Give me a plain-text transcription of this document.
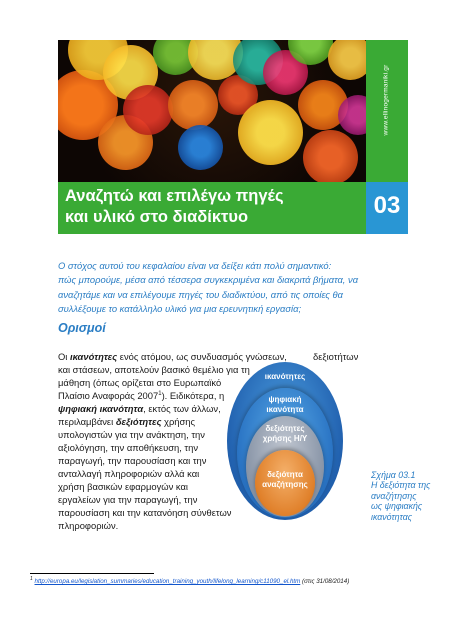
www.ellinogermaniki.gr
Αναζητώ και επιλέγω πηγές
και υλικό στο διαδίκτυο	03
Ο στόχος αυτού του κεφαλαίου είναι να δείξει κάτι πολύ σημαντικό:
πώς μπορούμε, μέσα από τέσσερα συγκεκριμένα και διακριτά βήματα, να
αναζητάμε και να επιλέγουμε πηγές του διαδικτύου, από τις οποίες θα
συλλέξουμε το κατάλληλο υλικό για μια ερευνητική εργασία;
Ορισμοί
Οι ικανότητες ενός ατόμου, ως συνδυασμός γνώσεων,	δεξιοτήτων
και στάσεων, αποτελούν βασικό θεμέλιο για τη
μάθηση (όπως ορίζεται στο Ευρωπαϊκό
Πλαίσιο Αναφοράς 2007$^1$). Ειδικότερα, η
ψηφιακή ικανότητα, εκτός των άλλων,
περιλαμβάνει δεξιότητες χρήσης
υπολογιστών για την ανάκτηση, την
αξιολόγηση, την αποθήκευση, την
παραγωγή, την παρουσίαση και την
ανταλλαγή πληροφοριών αλλά και
χρήση βασικών εφαρμογών και
εργαλείων για την παραγωγή, την
παρουσίαση και την κατανόηση σύνθετων
πληροφοριών.
ικανότητες
ψηφιακή
ικανότητα
δεξιότητες
χρήσης Η/Υ
δεξιότητα
αναζήτησης
Σχήμα 03.1
Η δεξιότητα της
αναζήτησης
ως ψηφιακής
ικανότητας
$^1$ http://europa.eu/legislation_summaries/education_training_youth/lifelong_learning/c11090_el.htm (στις 31/08/2014)
